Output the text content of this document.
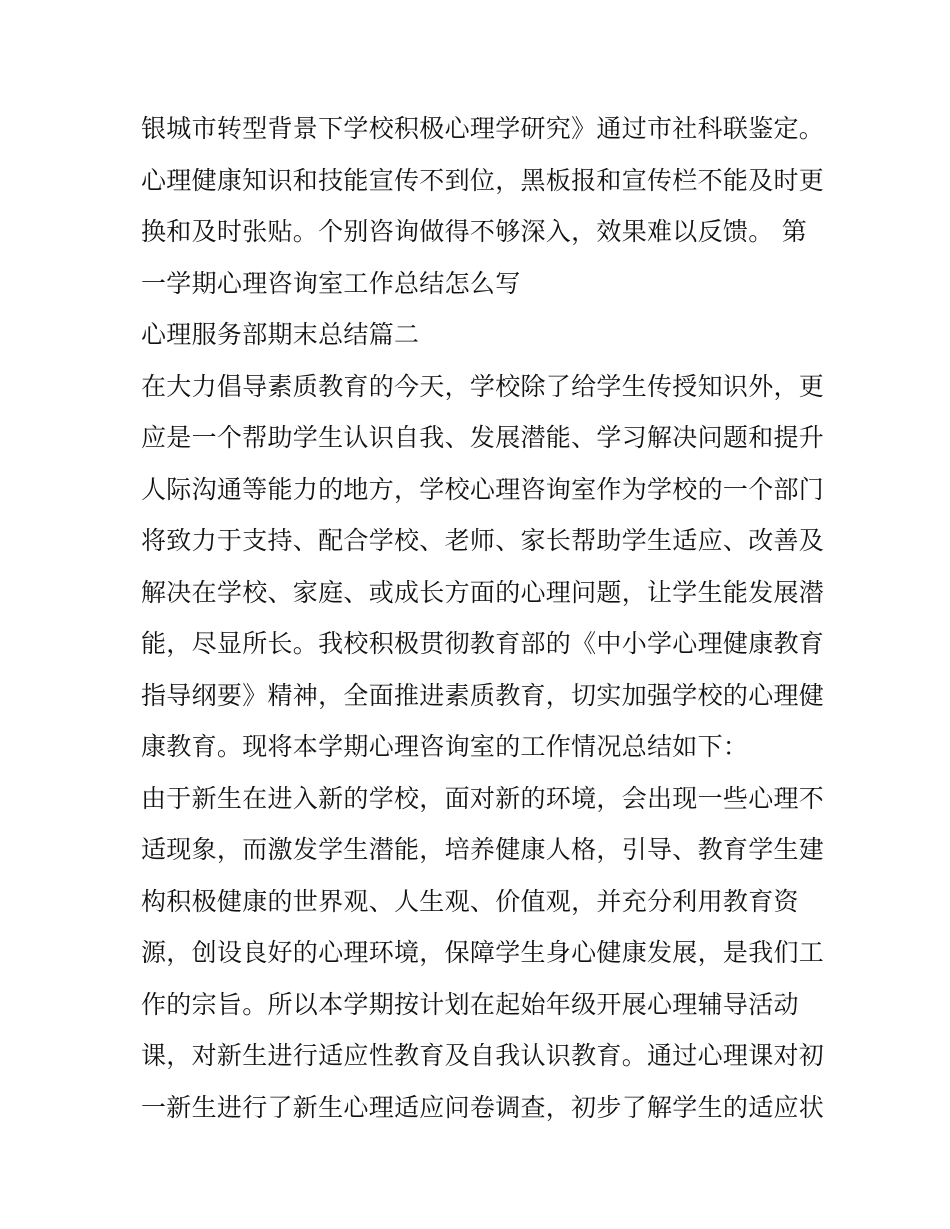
银城市转型背景下学校积极心理学研究》通过市社科联鉴定。
心理健康知识和技能宣传不到位，黑板报和宣传栏不能及时更
换和及时张贴。个别咨询做得不够深入，效果难以反馈。 第
一学期心理咨询室工作总结怎么写
心理服务部期末总结篇二
在大力倡导素质教育的今天，学校除了给学生传授知识外，更
应是一个帮助学生认识自我、发展潜能、学习解决问题和提升
人际沟通等能力的地方，学校心理咨询室作为学校的一个部门
将致力于支持、配合学校、老师、家长帮助学生适应、改善及
解决在学校、家庭、或成长方面的心理问题，让学生能发展潜
能，尽显所长。我校积极贯彻教育部的《中小学心理健康教育
指导纲要》精神，全面推进素质教育，切实加强学校的心理健
康教育。现将本学期心理咨询室的工作情况总结如下：
由于新生在进入新的学校，面对新的环境，会出现一些心理不
适现象，而激发学生潜能，培养健康人格，引导、教育学生建
构积极健康的世界观、人生观、价值观，并充分利用教育资
源，创设良好的心理环境，保障学生身心健康发展，是我们工
作的宗旨。所以本学期按计划在起始年级开展心理辅导活动
课，对新生进行适应性教育及自我认识教育。通过心理课对初
一新生进行了新生心理适应问卷调查，初步了解学生的适应状
